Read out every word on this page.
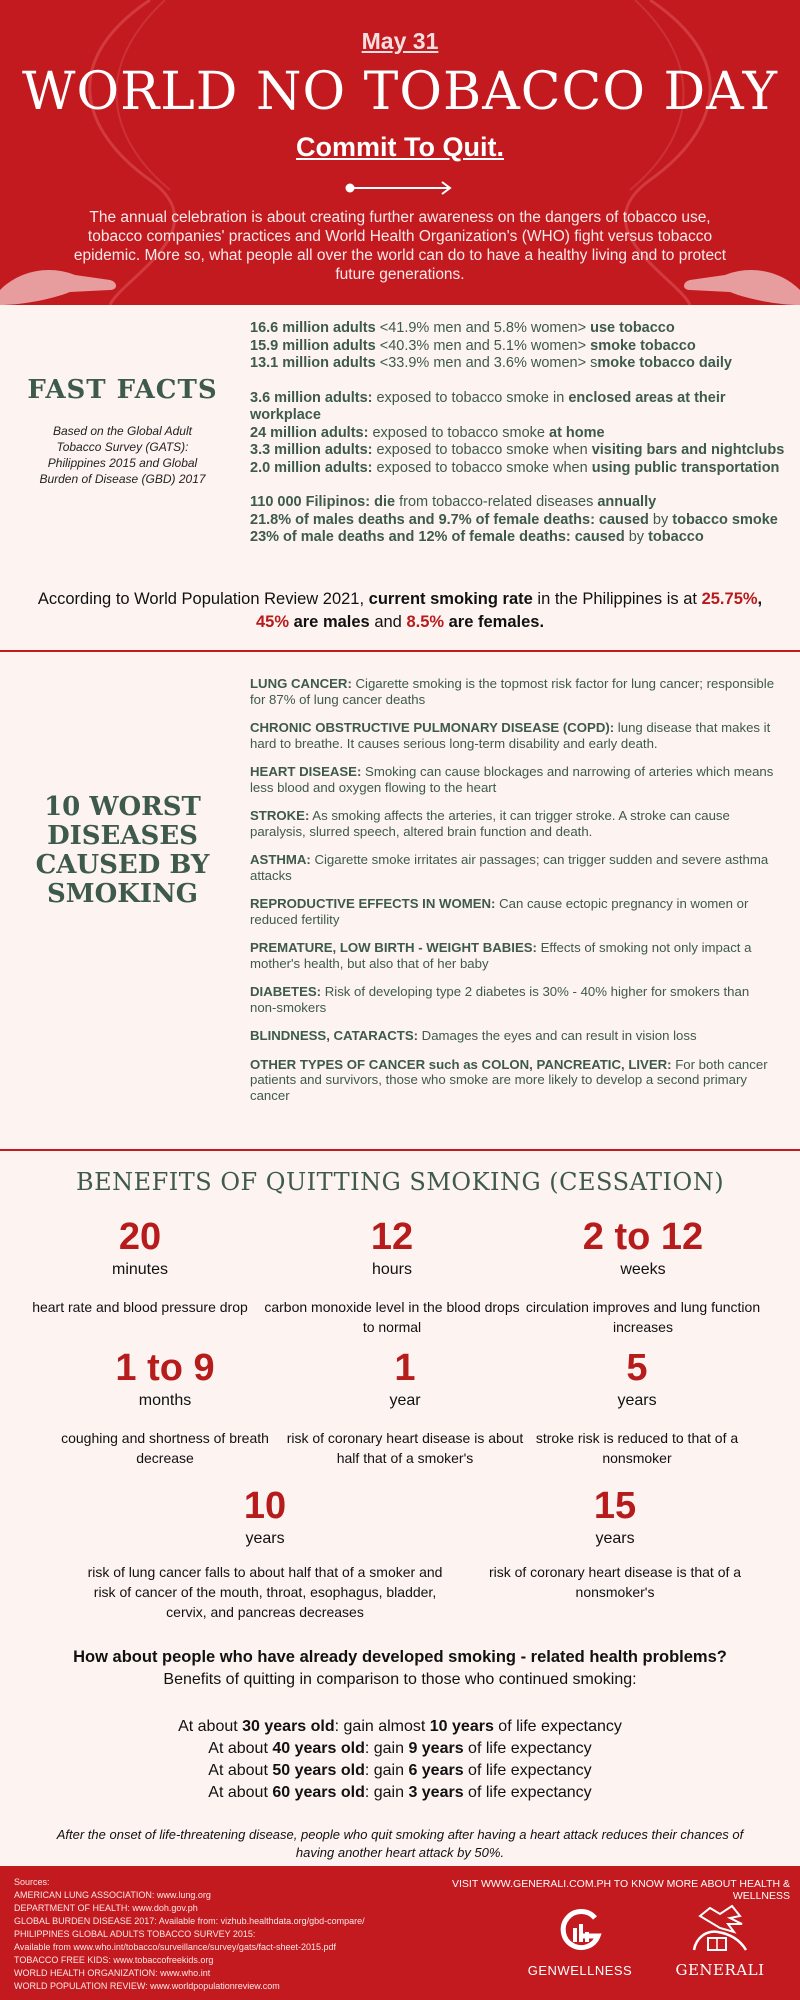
May 31
WORLD NO TOBACCO DAY
Commit To Quit.
The annual celebration is about creating further awareness on the dangers of tobacco use, tobacco companies' practices and World Health Organization's (WHO) fight versus tobacco epidemic. More so, what people all over the world can do to have a healthy living and to protect future generations.
FAST FACTS
Based on the Global Adult Tobacco Survey (GATS): Philippines 2015 and Global Burden of Disease (GBD) 2017
16.6 million adults <41.9% men and 5.8% women> use tobacco
15.9 million adults <40.3% men and 5.1% women> smoke tobacco
13.1 million adults <33.9% men and 3.6% women> smoke tobacco daily
3.6 million adults: exposed to tobacco smoke in enclosed areas at their workplace
24 million adults: exposed to tobacco smoke at home
3.3 million adults: exposed to tobacco smoke when visiting bars and nightclubs
2.0 million adults: exposed to tobacco smoke when using public transportation
110 000 Filipinos: die from tobacco-related diseases annually
21.8% of males deaths and 9.7% of female deaths: caused by tobacco smoke
23% of male deaths and 12% of female deaths: caused by tobacco
According to World Population Review 2021, current smoking rate in the Philippines is at 25.75%,
45% are males and 8.5% are females.
10 WORST DISEASES CAUSED BY SMOKING
LUNG CANCER: Cigarette smoking is the topmost risk factor for lung cancer; responsible for 87% of lung cancer deaths
CHRONIC OBSTRUCTIVE PULMONARY DISEASE (COPD): lung disease that makes it hard to breathe. It causes serious long-term disability and early death.
HEART DISEASE: Smoking can cause blockages and narrowing of arteries which means less blood and oxygen flowing to the heart
STROKE: As smoking affects the arteries, it can trigger stroke. A stroke can cause paralysis, slurred speech, altered brain function and death.
ASTHMA: Cigarette smoke irritates air passages; can trigger sudden and severe asthma attacks
REPRODUCTIVE EFFECTS IN WOMEN: Can cause ectopic pregnancy in women or reduced fertility
PREMATURE, LOW BIRTH - WEIGHT BABIES: Effects of smoking not only impact a mother's health, but also that of her baby
DIABETES: Risk of developing type 2 diabetes is 30% - 40% higher for smokers than non-smokers
BLINDNESS, CATARACTS: Damages the eyes and can result in vision loss
OTHER TYPES OF CANCER such as COLON, PANCREATIC, LIVER: For both cancer patients and survivors, those who smoke are more likely to develop a second primary cancer
BENEFITS OF QUITTING SMOKING (CESSATION)
20
minutes
heart rate and blood pressure drop
12
hours
carbon monoxide level in the blood drops to normal
2 to 12
weeks
circulation improves and lung function increases
1 to 9
months
coughing and shortness of breath decrease
1
year
risk of coronary heart disease is about half that of a smoker's
5
years
stroke risk is reduced to that of a nonsmoker
10
years
risk of lung cancer falls to about half that of a smoker and risk of cancer of the mouth, throat, esophagus, bladder, cervix, and pancreas decreases
15
years
risk of coronary heart disease is that of a nonsmoker's
How about people who have already developed smoking - related health problems?
Benefits of quitting in comparison to those who continued smoking:
At about 30 years old: gain almost 10 years of life expectancy
At about 40 years old: gain 9 years of life expectancy
At about 50 years old: gain 6 years of life expectancy
At about 60 years old: gain 3 years of life expectancy
After the onset of life-threatening disease, people who quit smoking after having a heart attack reduces their chances of having another heart attack by 50%.
Sources:
AMERICAN LUNG ASSOCIATION: www.lung.org
DEPARTMENT OF HEALTH: www.doh.gov.ph
GLOBAL BURDEN DISEASE 2017: Available from: vizhub.healthdata.org/gbd-compare/
PHILIPPINES GLOBAL ADULTS TOBACCO SURVEY 2015:
Available from www.who.int/tobacco/surveillance/survey/gats/fact-sheet-2015.pdf
TOBACCO FREE KIDS: www.tobaccofreekids.org
WORLD HEALTH ORGANIZATION: www.who.int
WORLD POPULATION REVIEW: www.worldpopulationreview.com
VISIT WWW.GENERALI.COM.PH TO KNOW MORE ABOUT HEALTH & WELLNESS
GENWELLNESS	GENERALI
